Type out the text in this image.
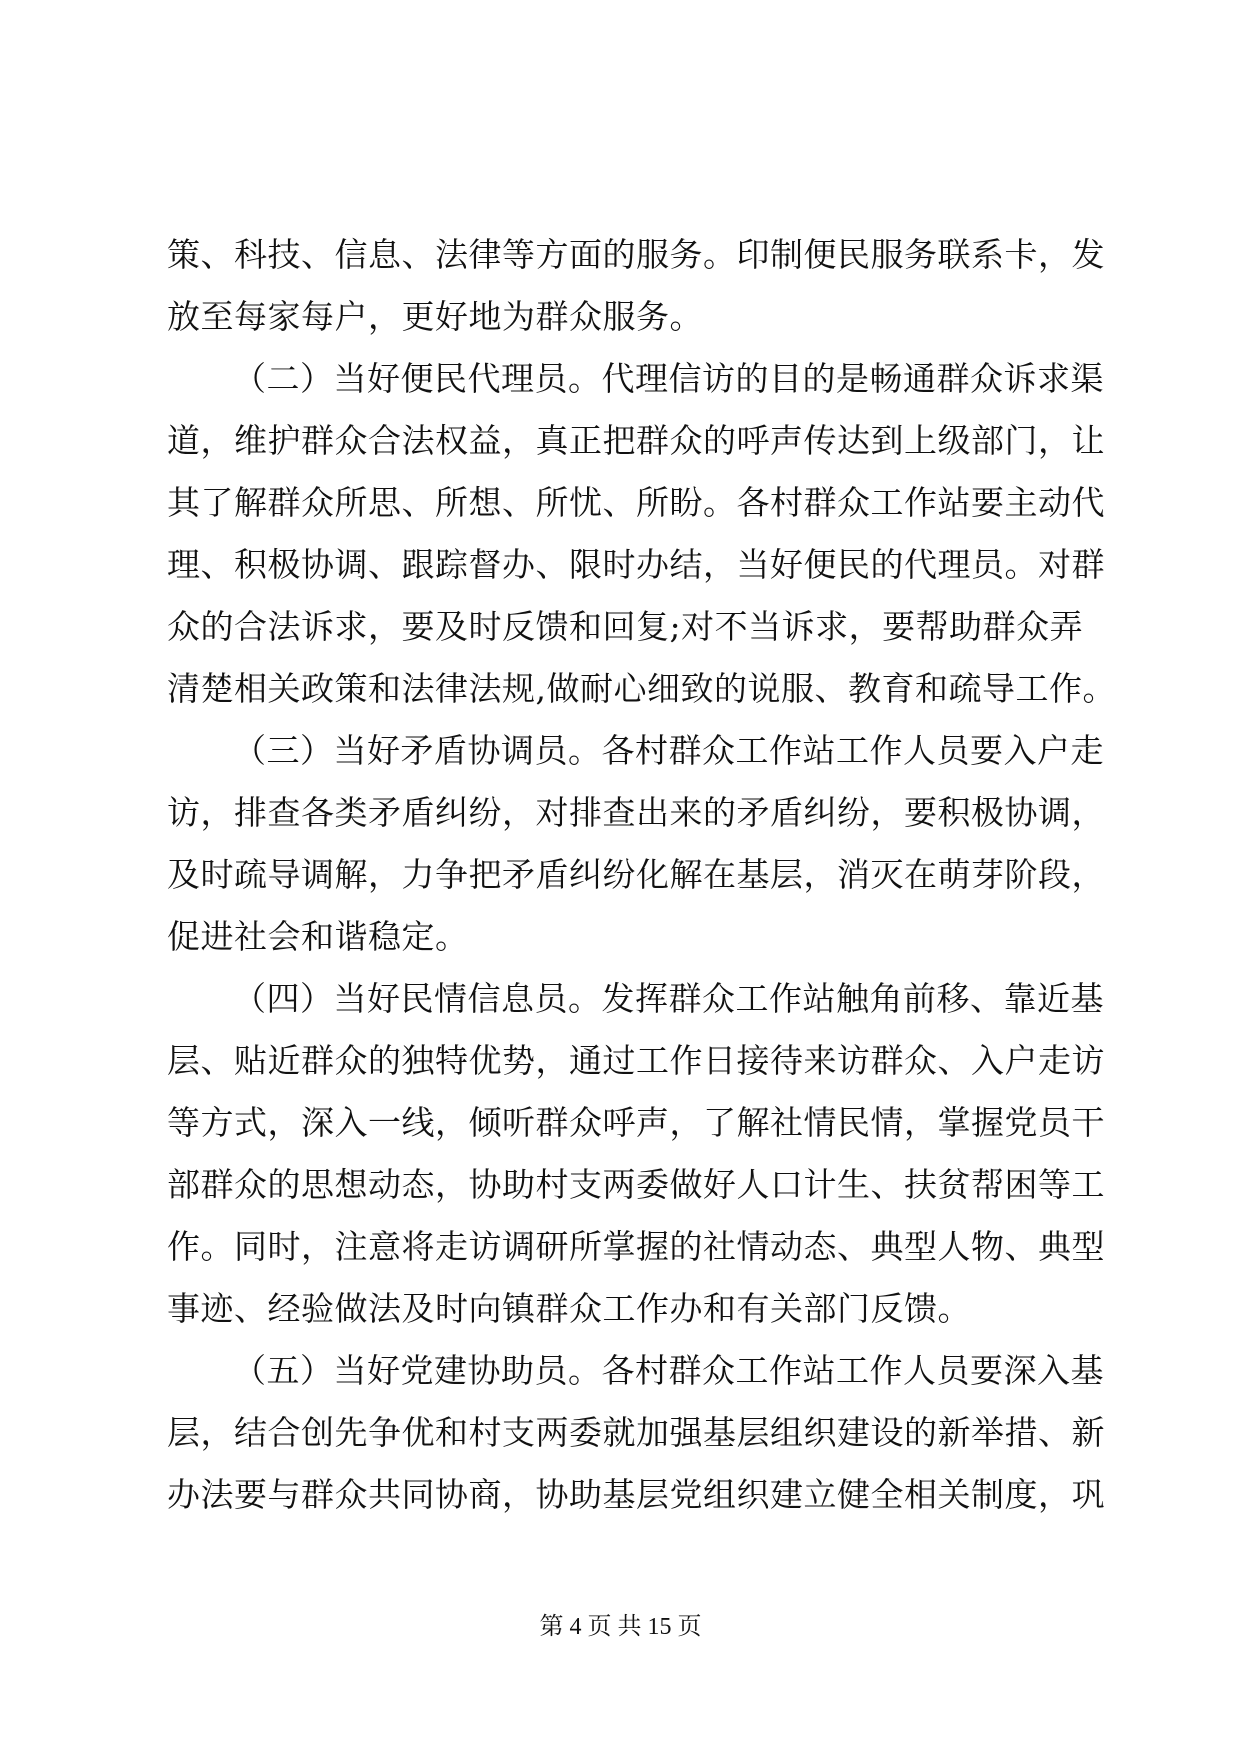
策、科技、信息、法律等方面的服务。印制便民服务联系卡，发
放至每家每户，更好地为群众服务。
（二）当好便民代理员。代理信访的目的是畅通群众诉求渠
道，维护群众合法权益，真正把群众的呼声传达到上级部门，让
其了解群众所思、所想、所忧、所盼。各村群众工作站要主动代
理、积极协调、跟踪督办、限时办结，当好便民的代理员。对群
众的合法诉求，要及时反馈和回复;对不当诉求，要帮助群众弄
清楚相关政策和法律法规,做耐心细致的说服、教育和疏导工作。
（三）当好矛盾协调员。各村群众工作站工作人员要入户走
访，排查各类矛盾纠纷，对排查出来的矛盾纠纷，要积极协调，
及时疏导调解，力争把矛盾纠纷化解在基层，消灭在萌芽阶段，
促进社会和谐稳定。
（四）当好民情信息员。发挥群众工作站触角前移、靠近基
层、贴近群众的独特优势，通过工作日接待来访群众、入户走访
等方式，深入一线，倾听群众呼声，了解社情民情，掌握党员干
部群众的思想动态，协助村支两委做好人口计生、扶贫帮困等工
作。同时，注意将走访调研所掌握的社情动态、典型人物、典型
事迹、经验做法及时向镇群众工作办和有关部门反馈。
（五）当好党建协助员。各村群众工作站工作人员要深入基
层，结合创先争优和村支两委就加强基层组织建设的新举措、新
办法要与群众共同协商，协助基层党组织建立健全相关制度，巩
第 4 页 共 15 页
